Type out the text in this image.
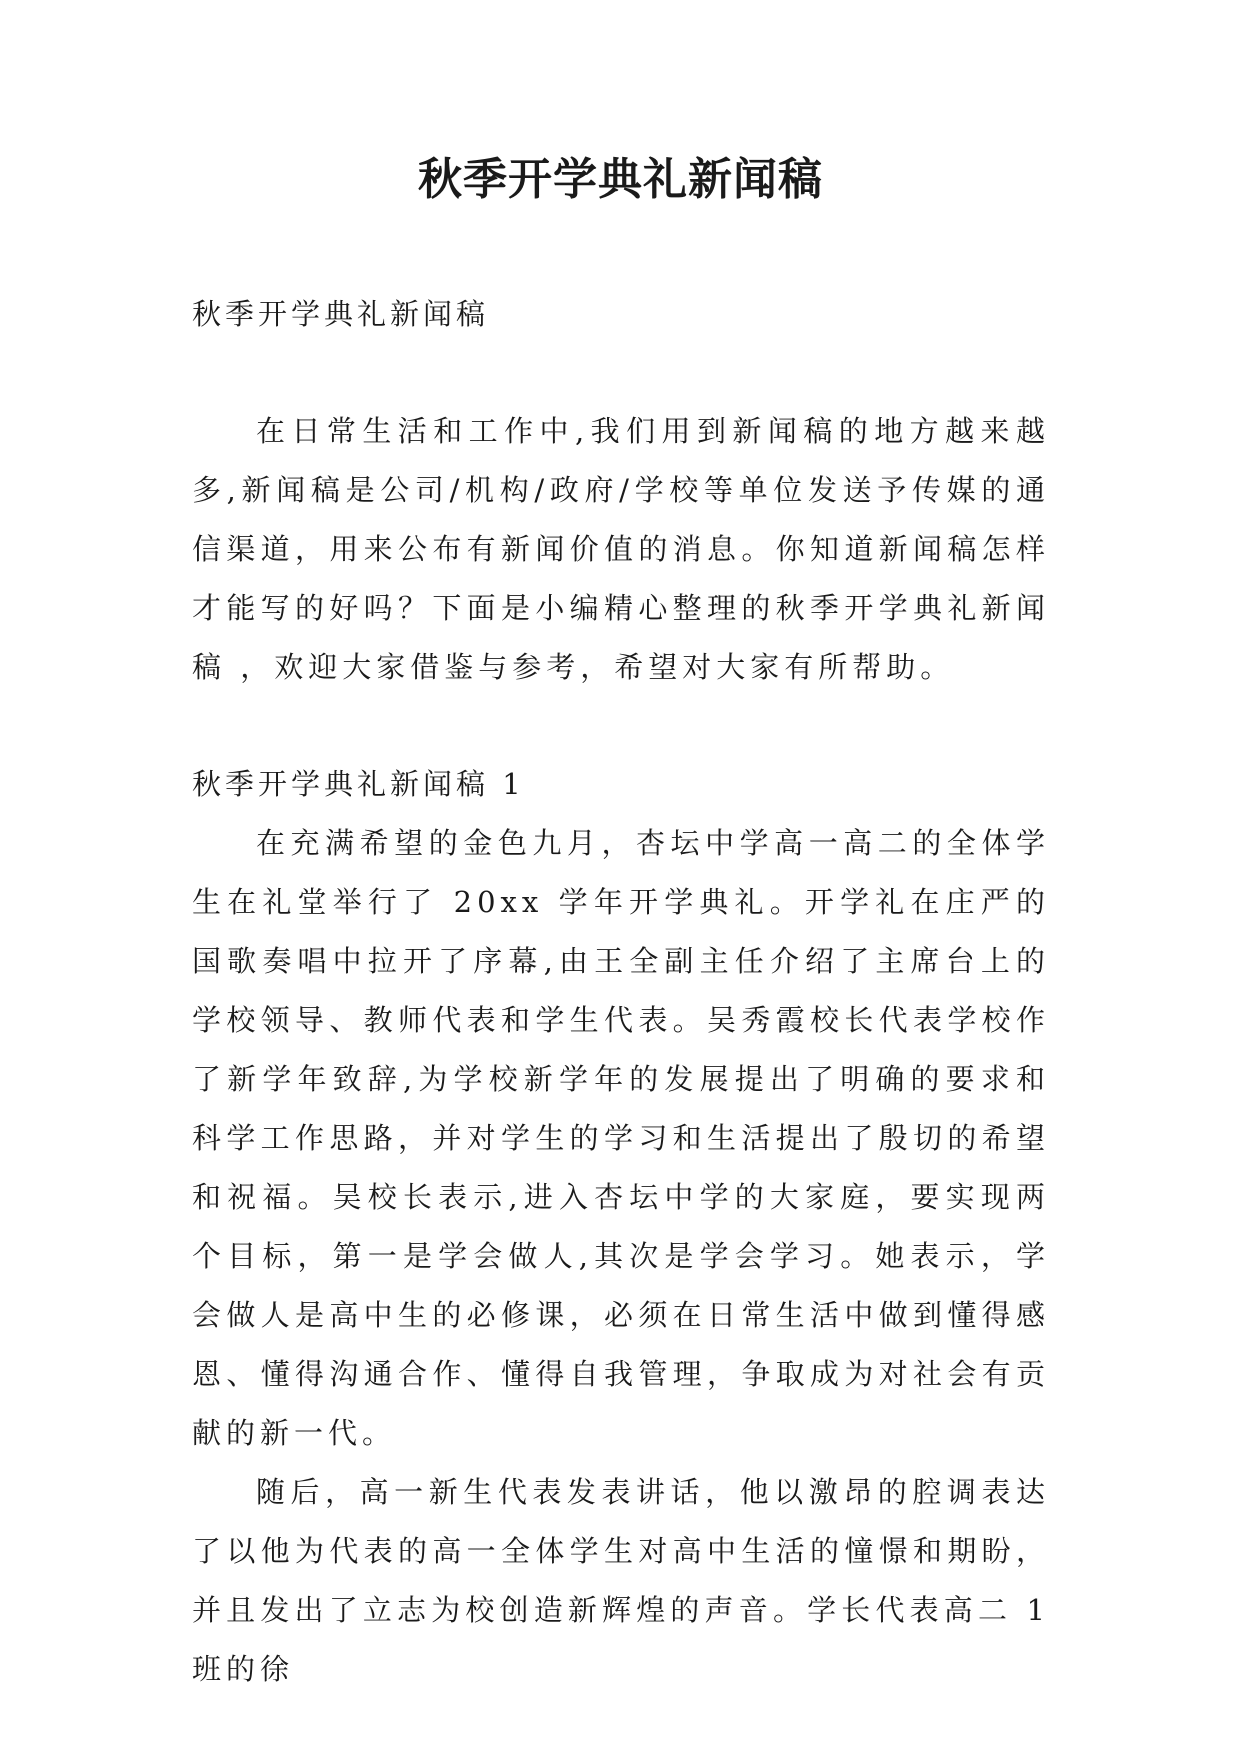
秋季开学典礼新闻稿
秋季开学典礼新闻稿
在日常生活和工作中,我们用到新闻稿的地方越来越多,新闻稿是公司/机构/政府/学校等单位发送予传媒的通信渠道，用来公布有新闻价值的消息。你知道新闻稿怎样才能写的好吗？下面是小编精心整理的秋季开学典礼新闻稿 ，欢迎大家借鉴与参考，希望对大家有所帮助。
秋季开学典礼新闻稿 1

在充满希望的金色九月，杏坛中学高一高二的全体学生在礼堂举行了 20xx 学年开学典礼。开学礼在庄严的国歌奏唱中拉开了序幕,由王全副主任介绍了主席台上的学校领导、教师代表和学生代表。吴秀霞校长代表学校作了新学年致辞,为学校新学年的发展提出了明确的要求和科学工作思路，并对学生的学习和生活提出了殷切的希望和祝福。吴校长表示,进入杏坛中学的大家庭，要实现两个目标，第一是学会做人,其次是学会学习。她表示，学会做人是高中生的必修课，必须在日常生活中做到懂得感恩、懂得沟通合作、懂得自我管理，争取成为对社会有贡献的新一代。

随后，高一新生代表发表讲话，他以激昂的腔调表达了以他为代表的高一全体学生对高中生活的憧憬和期盼，并且发出了立志为校创造新辉煌的声音。学长代表高二 1 班的徐
